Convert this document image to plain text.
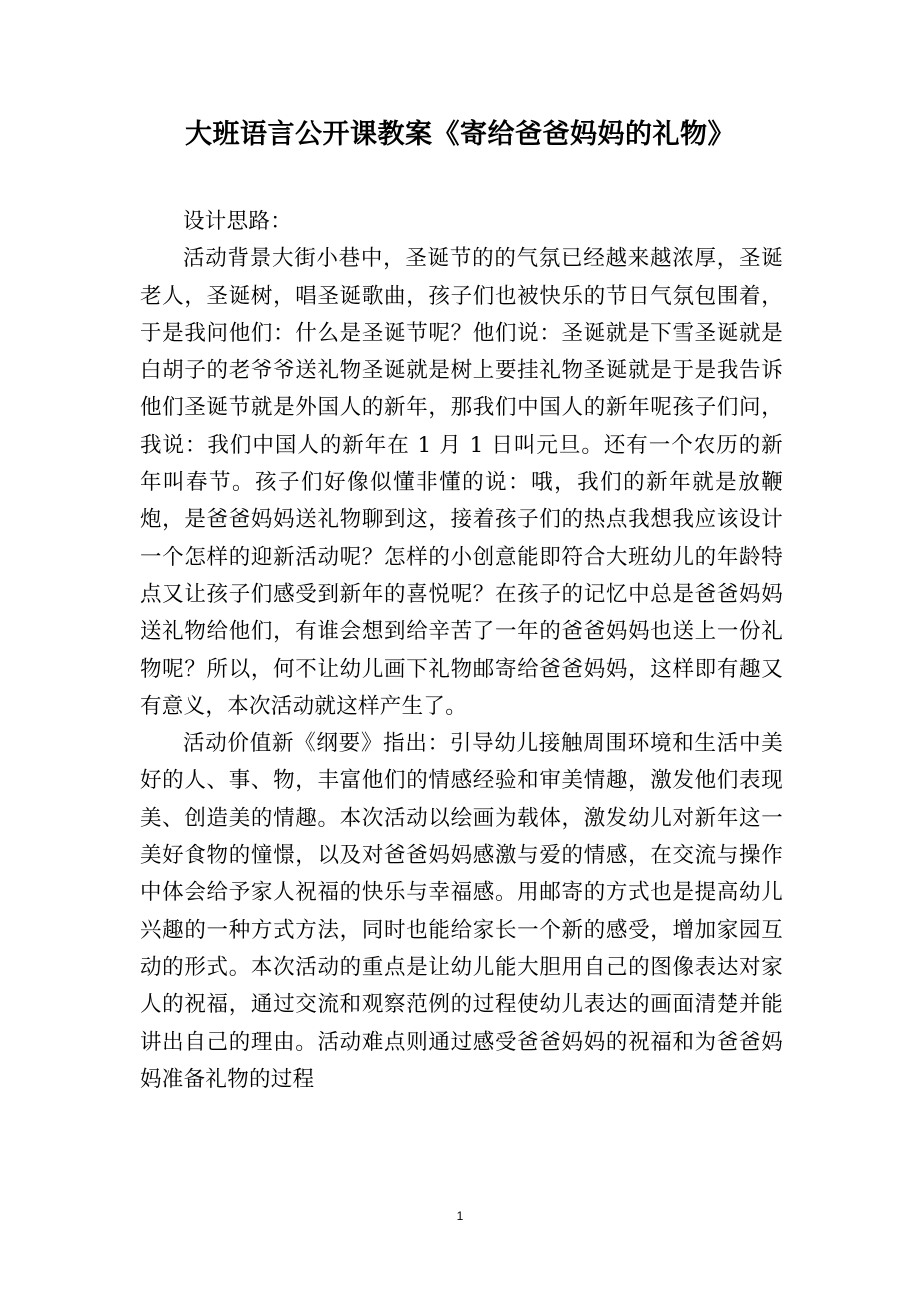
大班语言公开课教案《寄给爸爸妈妈的礼物》

设计思路：

活动背景大街小巷中，圣诞节的的气氛已经越来越浓厚，圣诞老人，圣诞树，唱圣诞歌曲，孩子们也被快乐的节日气氛包围着，于是我问他们：什么是圣诞节呢？他们说：圣诞就是下雪圣诞就是白胡子的老爷爷送礼物圣诞就是树上要挂礼物圣诞就是于是我告诉他们圣诞节就是外国人的新年，那我们中国人的新年呢孩子们问，我说：我们中国人的新年在 1 月 1 日叫元旦。还有一个农历的新年叫春节。孩子们好像似懂非懂的说：哦，我们的新年就是放鞭炮，是爸爸妈妈送礼物聊到这，接着孩子们的热点我想我应该设计一个怎样的迎新活动呢？怎样的小创意能即符合大班幼儿的年龄特点又让孩子们感受到新年的喜悦呢？在孩子的记忆中总是爸爸妈妈送礼物给他们，有谁会想到给辛苦了一年的爸爸妈妈也送上一份礼物呢？所以，何不让幼儿画下礼物邮寄给爸爸妈妈，这样即有趣又有意义，本次活动就这样产生了。

活动价值新《纲要》指出：引导幼儿接触周围环境和生活中美好的人、事、物，丰富他们的情感经验和审美情趣，激发他们表现美、创造美的情趣。本次活动以绘画为载体，激发幼儿对新年这一美好食物的憧憬，以及对爸爸妈妈感激与爱的情感，在交流与操作中体会给予家人祝福的快乐与幸福感。用邮寄的方式也是提高幼儿兴趣的一种方式方法，同时也能给家长一个新的感受，增加家园互动的形式。本次活动的重点是让幼儿能大胆用自己的图像表达对家人的祝福，通过交流和观察范例的过程使幼儿表达的画面清楚并能讲出自己的理由。活动难点则通过感受爸爸妈妈的祝福和为爸爸妈妈准备礼物的过程

1
